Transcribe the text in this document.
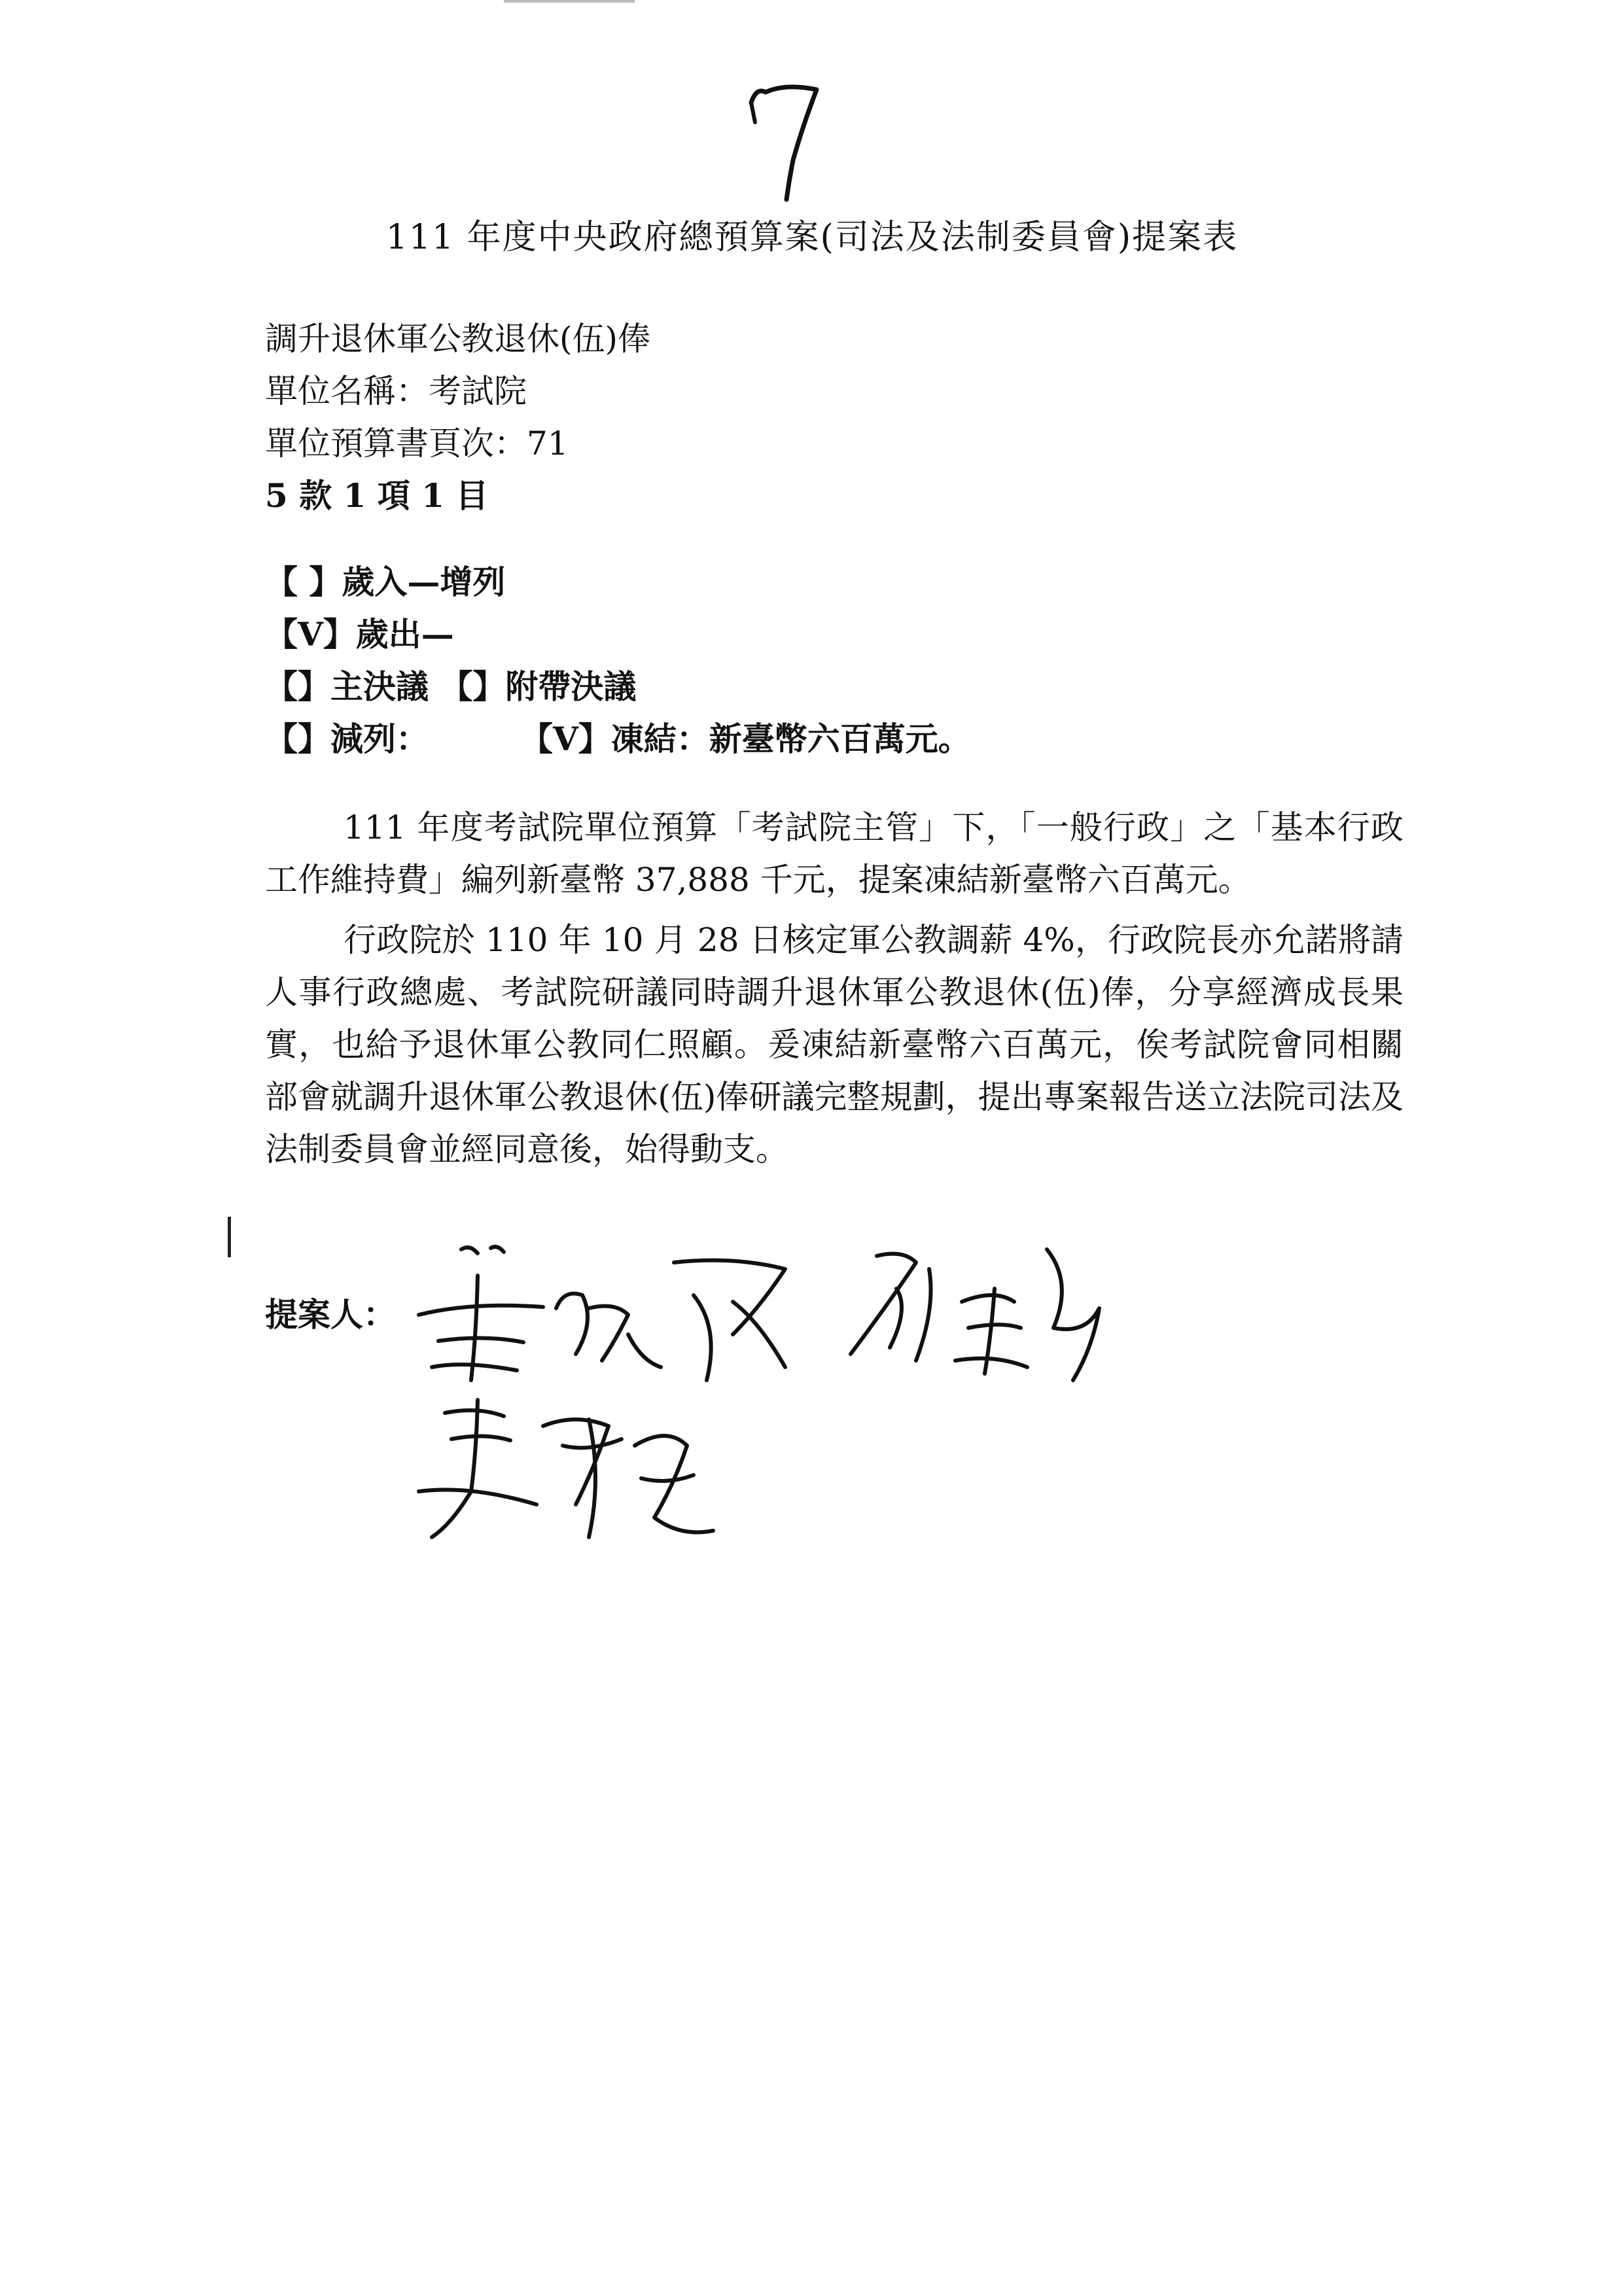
111 年度中央政府總預算案(司法及法制委員會)提案表
調升退休軍公教退休(伍)俸
單位名稱：考試院
單位預算書頁次：71
5 款 1 項 1 目
【 】歲入—增列
【V】歲出—
【】主決議 【】附帶決議
【】減列：	【V】凍結：新臺幣六百萬元。

111 年度考試院單位預算「考試院主管」下，「一般行政」之「基本行政工作維持費」編列新臺幣 37,888 千元，提案凍結新臺幣六百萬元。

行政院於 110 年 10 月 28 日核定軍公教調薪 4%，行政院長亦允諾將請人事行政總處、考試院研議同時調升退休軍公教退休(伍)俸，分享經濟成長果實，也給予退休軍公教同仁照顧。爰凍結新臺幣六百萬元，俟考試院會同相關部會就調升退休軍公教退休(伍)俸研議完整規劃，提出專案報告送立法院司法及法制委員會並經同意後，始得動支。

提案人：
